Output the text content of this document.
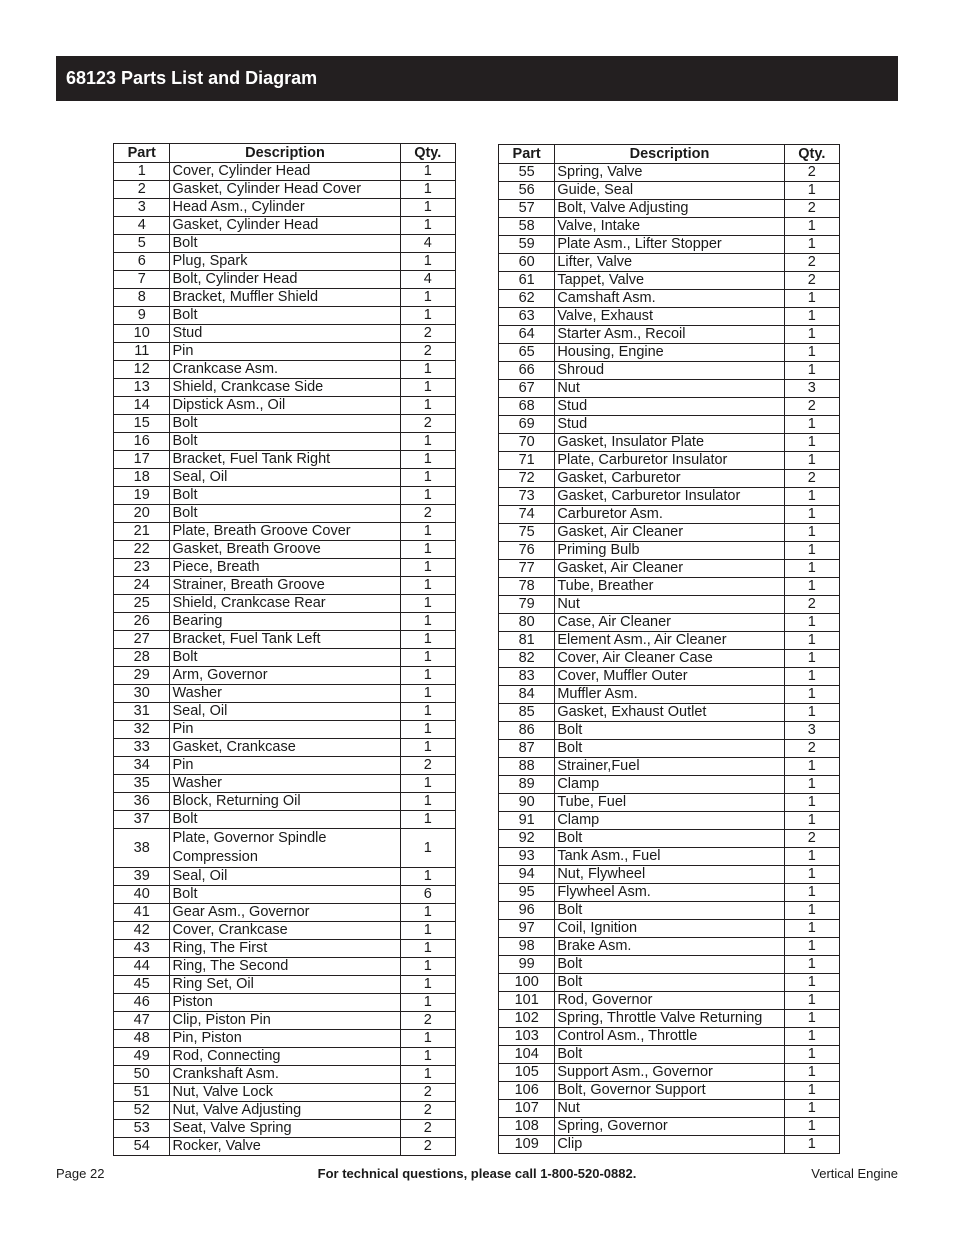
68123 Parts List and Diagram
Part	Description	Qty.
1	Cover, Cylinder Head	1
2	Gasket, Cylinder Head Cover	1
3	Head Asm., Cylinder	1
4	Gasket, Cylinder Head	1
5	Bolt	4
6	Plug, Spark	1
7	Bolt, Cylinder Head	4
8	Bracket, Muffler Shield	1
9	Bolt	1
10	Stud	2
11	Pin	2
12	Crankcase Asm.	1
13	Shield, Crankcase Side	1
14	Dipstick Asm., Oil	1
15	Bolt	2
16	Bolt	1
17	Bracket, Fuel Tank Right	1
18	Seal, Oil	1
19	Bolt	1
20	Bolt	2
21	Plate, Breath Groove Cover	1
22	Gasket, Breath Groove	1
23	Piece, Breath	1
24	Strainer, Breath Groove	1
25	Shield, Crankcase Rear	1
26	Bearing	1
27	Bracket, Fuel Tank Left	1
28	Bolt	1
29	Arm, Governor	1
30	Washer	1
31	Seal, Oil	1
32	Pin	1
33	Gasket, Crankcase	1
34	Pin	2
35	Washer	1
36	Block, Returning Oil	1
37	Bolt	1
38	Plate, Governor Spindle Compression	1
39	Seal, Oil	1
40	Bolt	6
41	Gear Asm., Governor	1
42	Cover, Crankcase	1
43	Ring, The First	1
44	Ring, The Second	1
45	Ring Set, Oil	1
46	Piston	1
47	Clip, Piston Pin	2
48	Pin, Piston	1
49	Rod, Connecting	1
50	Crankshaft Asm.	1
51	Nut, Valve Lock	2
52	Nut, Valve Adjusting	2
53	Seat, Valve Spring	2
54	Rocker, Valve	2
Part	Description	Qty.
55	Spring, Valve	2
56	Guide, Seal	1
57	Bolt, Valve Adjusting	2
58	Valve, Intake	1
59	Plate Asm., Lifter Stopper	1
60	Lifter, Valve	2
61	Tappet, Valve	2
62	Camshaft Asm.	1
63	Valve, Exhaust	1
64	Starter Asm., Recoil	1
65	Housing, Engine	1
66	Shroud	1
67	Nut	3
68	Stud	2
69	Stud	1
70	Gasket, Insulator Plate	1
71	Plate, Carburetor Insulator	1
72	Gasket, Carburetor	2
73	Gasket, Carburetor Insulator	1
74	Carburetor Asm.	1
75	Gasket, Air Cleaner	1
76	Priming Bulb	1
77	Gasket, Air Cleaner	1
78	Tube, Breather	1
79	Nut	2
80	Case, Air Cleaner	1
81	Element Asm., Air Cleaner	1
82	Cover, Air Cleaner Case	1
83	Cover, Muffler Outer	1
84	Muffler Asm.	1
85	Gasket, Exhaust Outlet	1
86	Bolt	3
87	Bolt	2
88	Strainer,Fuel	1
89	Clamp	1
90	Tube, Fuel	1
91	Clamp	1
92	Bolt	2
93	Tank Asm., Fuel	1
94	Nut, Flywheel	1
95	Flywheel Asm.	1
96	Bolt	1
97	Coil, Ignition	1
98	Brake Asm.	1
99	Bolt	1
100	Bolt	1
101	Rod, Governor	1
102	Spring, Throttle Valve Returning	1
103	Control Asm., Throttle	1
104	Bolt	1
105	Support Asm., Governor	1
106	Bolt, Governor Support	1
107	Nut	1
108	Spring, Governor	1
109	Clip	1
Page 22	For technical questions, please call 1-800-520-0882.	Vertical Engine
